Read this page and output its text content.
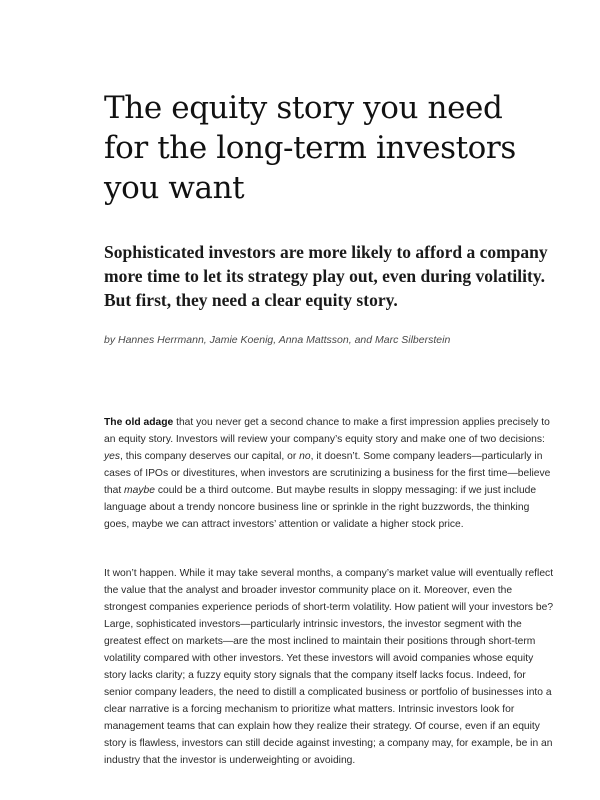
The equity story you need for the long-term investors you want

Sophisticated investors are more likely to afford a company more time to let its strategy play out, even during volatility. But first, they need a clear equity story.

by Hannes Herrmann, Jamie Koenig, Anna Mattsson, and Marc Silberstein

The old adage that you never get a second chance to make a first impression applies precisely to an equity story. Investors will review your company’s equity story and make one of two decisions: yes, this company deserves our capital, or no, it doesn’t. Some company leaders—particularly in cases of IPOs or divestitures, when investors are scrutinizing a business for the first time—believe that maybe could be a third outcome. But maybe results in sloppy messaging: if we just include language about a trendy noncore business line or sprinkle in the right buzzwords, the thinking goes, maybe we can attract investors’ attention or validate a higher stock price.

It won’t happen. While it may take several months, a company’s market value will eventually reflect the value that the analyst and broader investor community place on it. Moreover, even the strongest companies experience periods of short-term volatility. How patient will your investors be? Large, sophisticated investors—particularly intrinsic investors, the investor segment with the greatest effect on markets—are the most inclined to maintain their positions through short-term volatility compared with other investors. Yet these investors will avoid companies whose equity story lacks clarity; a fuzzy equity story signals that the company itself lacks focus. Indeed, for senior company leaders, the need to distill a complicated business or portfolio of businesses into a clear narrative is a forcing mechanism to prioritize what matters. Intrinsic investors look for management teams that can explain how they realize their strategy. Of course, even if an equity story is flawless, investors can still decide against investing; a company may, for example, be in an industry that the investor is underweighting or avoiding.
